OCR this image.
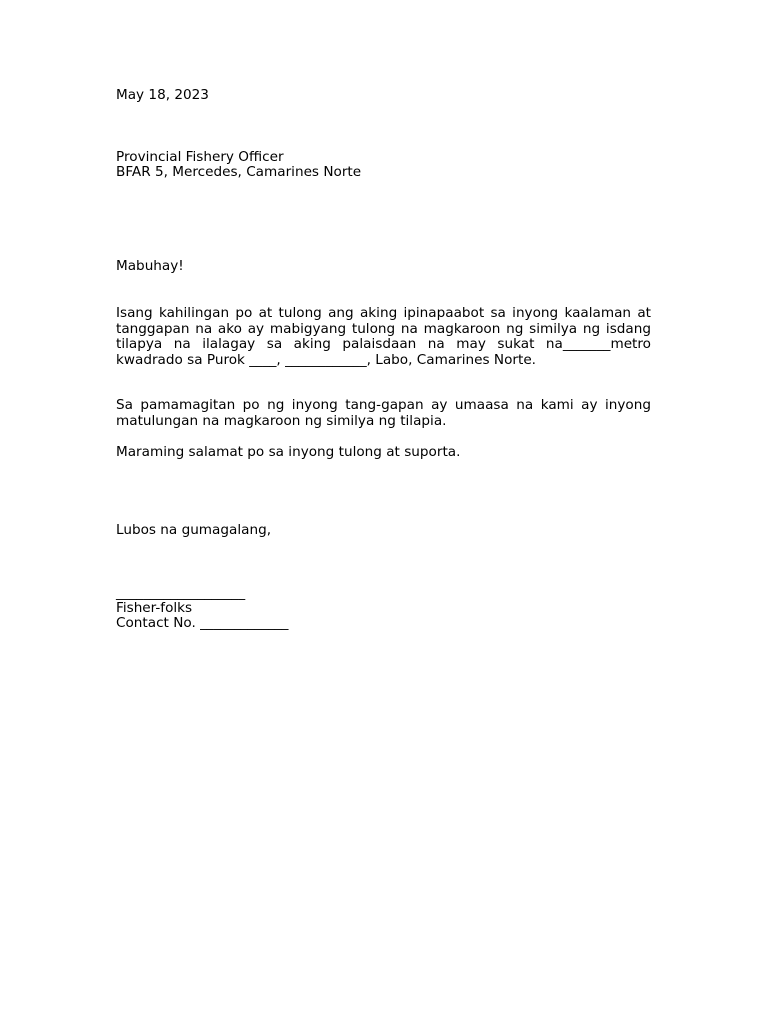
May 18, 2023
Provincial Fishery Officer
BFAR 5, Mercedes, Camarines Norte
Mabuhay!
Isang kahilingan po at tulong ang aking ipinapaabot sa inyong kaalaman at tanggapan na ako ay mabigyang tulong na magkaroon ng similya ng isdang tilapya na ilalagay sa aking palaisdaan na may sukat na_______metro kwadrado sa Purok ____, ____________, Labo, Camarines Norte.
Sa pamamagitan po ng inyong tang-gapan ay umaasa na kami ay inyong matulungan na magkaroon ng similya ng tilapia.
Maraming salamat po sa inyong tulong at suporta.
Lubos na gumagalang,
___________________
Fisher-folks
Contact No. _____________
